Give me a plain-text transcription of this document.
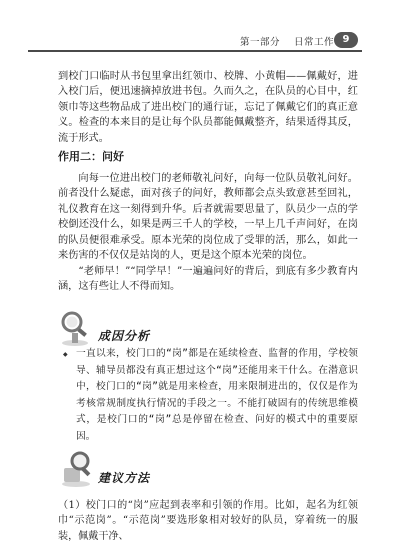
第一部分 日常工作 9

到校门口临时从书包里拿出红领巾、校牌、小黄帽——佩戴好，进入校门后，便迅速摘掉放进书包。久而久之，在队员的心目中，红领巾等这些物品成了进出校门的通行证，忘记了佩戴它们的真正意义。检查的本来目的是让每个队员都能佩戴整齐，结果适得其反，流于形式。

作用二：问好

向每一位进出校门的老师敬礼问好，向每一位队员敬礼问好。前者没什么疑虑，面对孩子的问好，教师都会点头致意甚至回礼，礼仪教育在这一刻得到升华。后者就需要思量了，队员少一点的学校倒还没什么，如果是两三千人的学校，一早上几千声问好，在岗的队员便很难承受。原本光荣的岗位成了受罪的活，那么，如此一来伤害的不仅仅是站岗的人，更是这个原本光荣的岗位。

“老师早！”“同学早！”一遍遍问好的背后，到底有多少教育内涵，这有些让人不得而知。

成因分析
◆ 一直以来，校门口的“岗”都是在延续检查、监督的作用，学校领导、辅导员都没有真正想过这个“岗”还能用来干什么。在潜意识中，校门口的“岗”就是用来检查，用来限制进出的，仅仅是作为考核常规制度执行情况的手段之一。不能打破固有的传统思维模式，是校门口的“岗”总是停留在检查、问好的模式中的重要原因。

建议方法

（1）校门口的“岗”应起到表率和引领的作用。比如，起名为红领巾“示范岗”。“示范岗”要选形象相对较好的队员，穿着统一的服装，佩戴干净、
